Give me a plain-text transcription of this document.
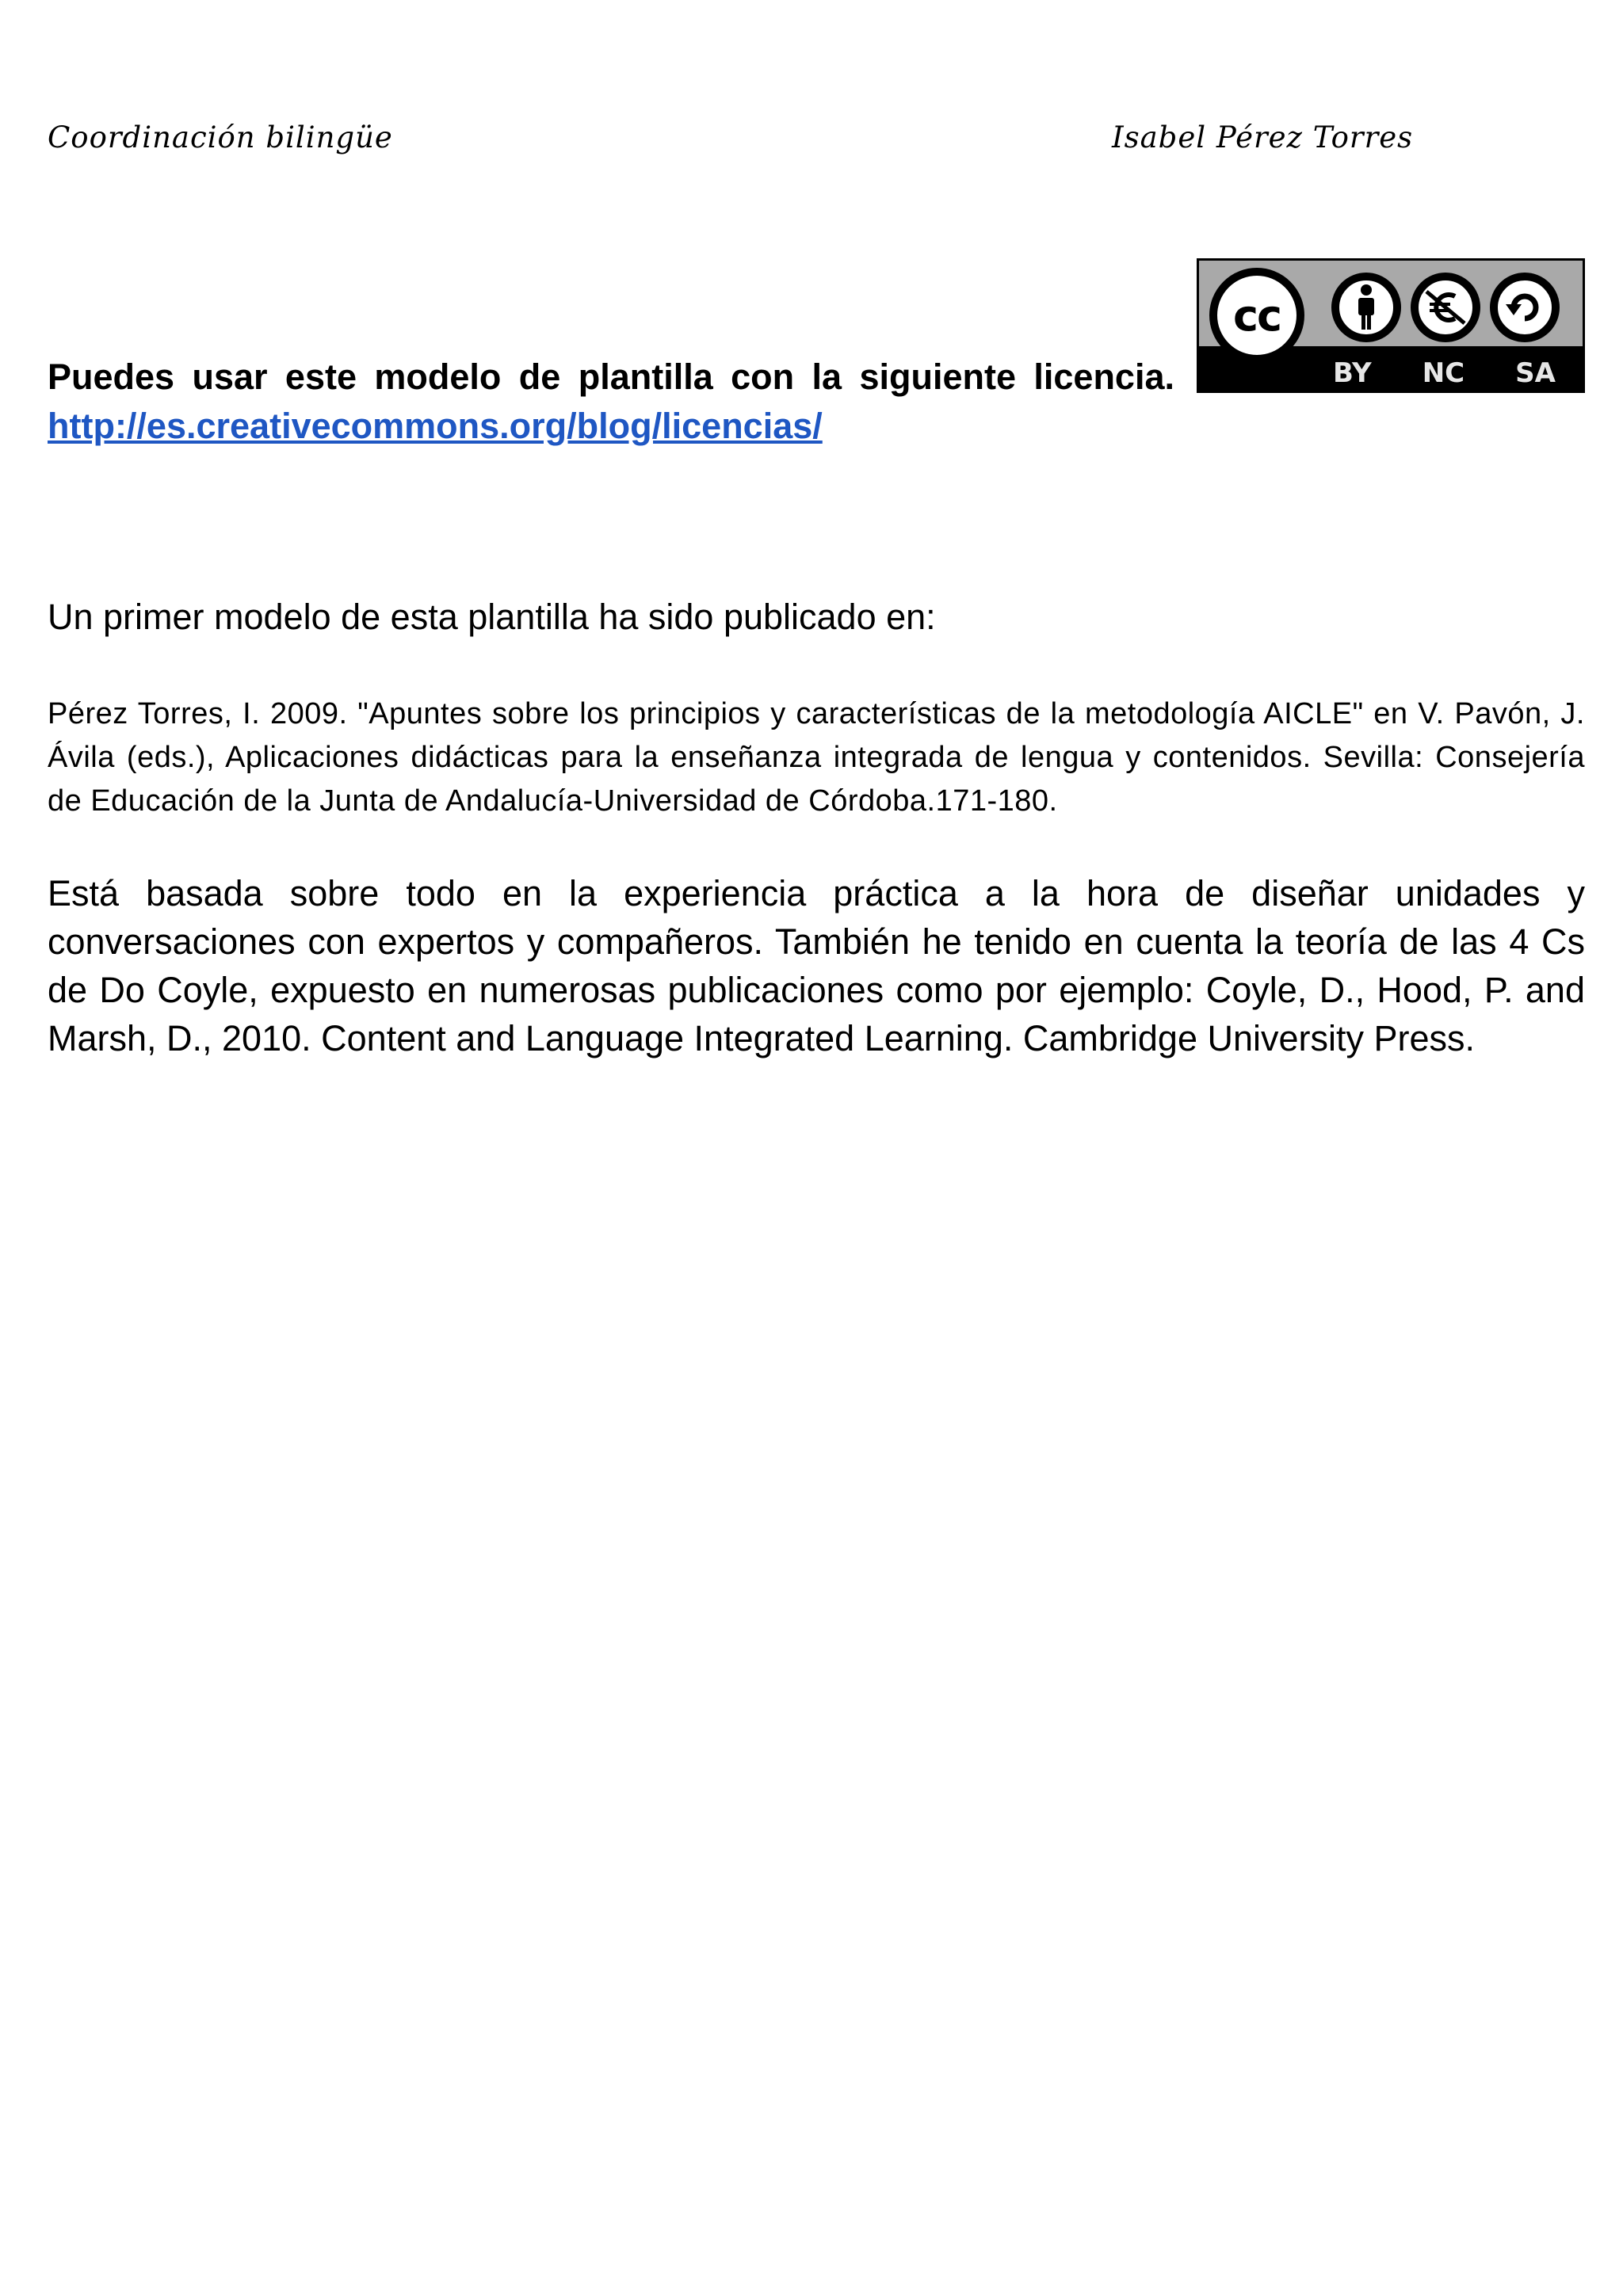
Coordinación bilingüe	Isabel Pérez Torres
cc
BY NC SA

Puedes usar este modelo de plantilla con la siguiente licencia.

http://es.creativecommons.org/blog/licencias/

Un primer modelo de esta plantilla ha sido publicado en:

Pérez Torres, I. 2009. "Apuntes sobre los principios y características de la metodología AICLE" en V. Pavón, J. Ávila (eds.), Aplicaciones didácticas para la enseñanza integrada de lengua y contenidos. Sevilla: Consejería de Educación de la Junta de Andalucía-Universidad de Córdoba.171-180.

Está basada sobre todo en la experiencia práctica a la hora de diseñar unidades y conversaciones con expertos y compañeros. También he tenido en cuenta la teoría de las 4 Cs de Do Coyle, expuesto en numerosas publicaciones como por ejemplo: Coyle, D., Hood, P. and Marsh, D., 2010. Content and Language Integrated Learning. Cambridge University Press.
